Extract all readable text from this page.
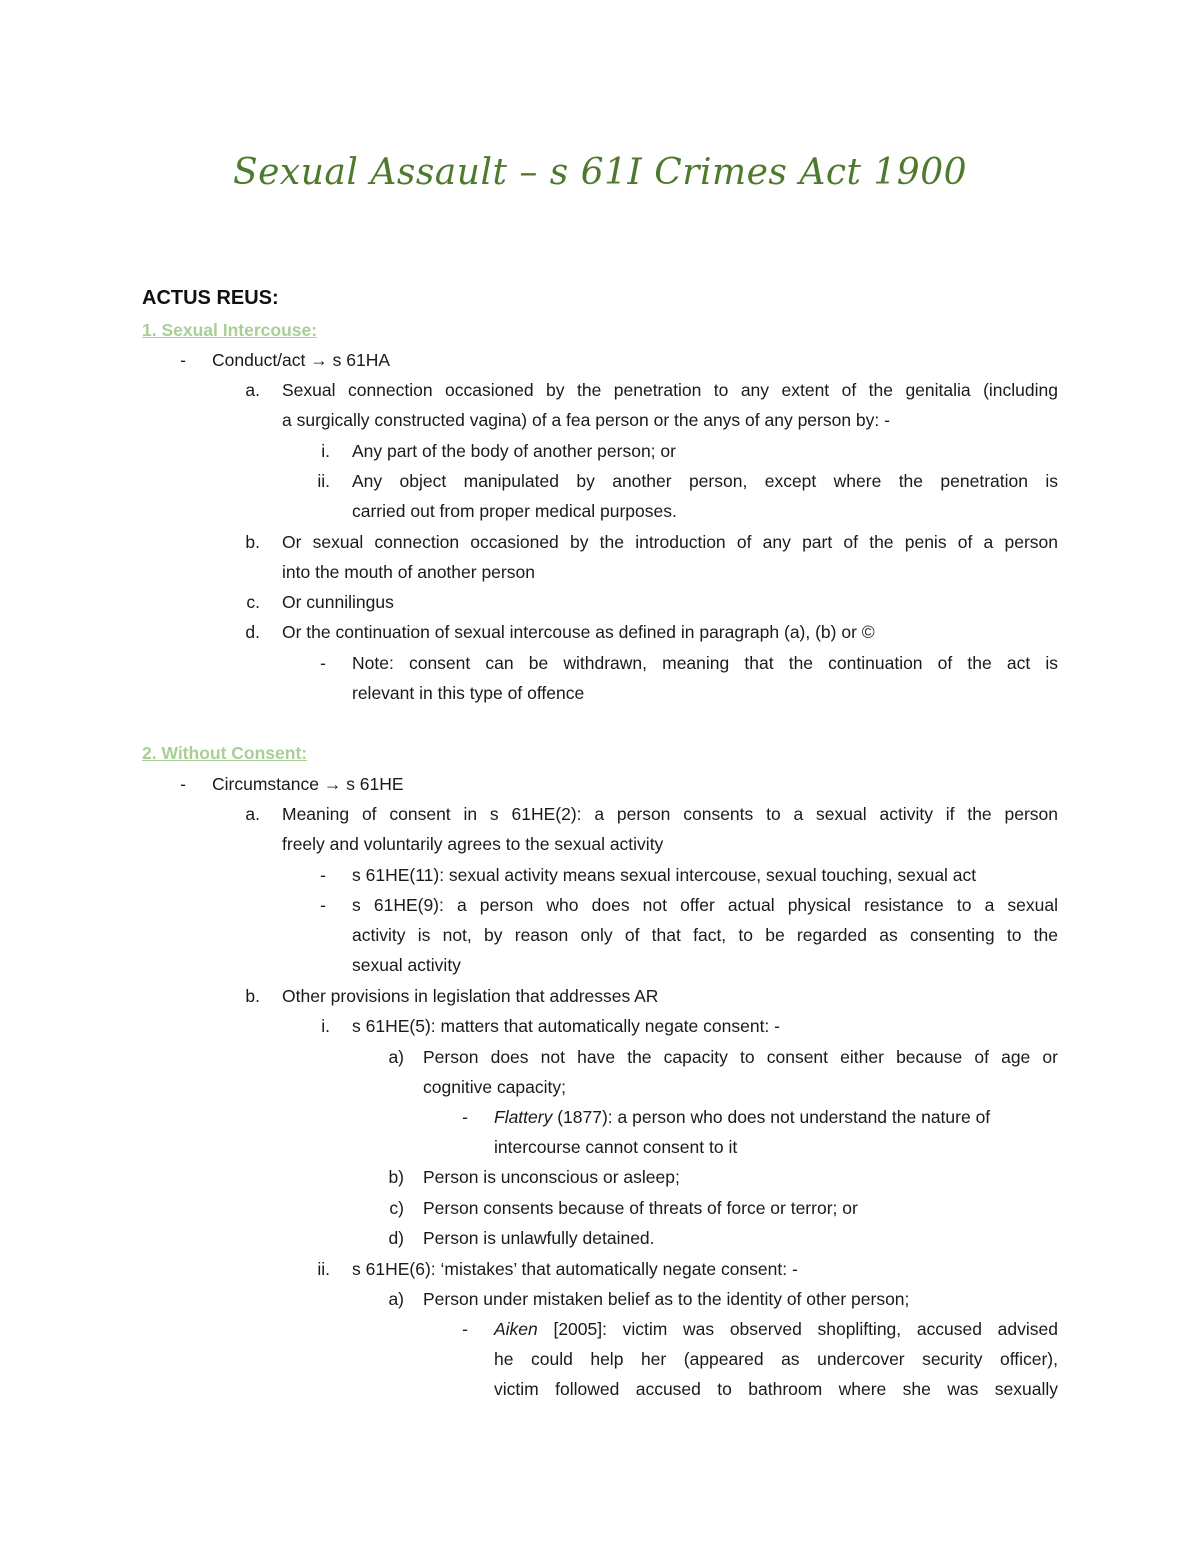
Sexual Assault – s 61I Crimes Act 1900
ACTUS REUS:
1. Sexual Intercouse:
- Conduct/act → s 61HA
a. Sexual connection occasioned by the penetration to any extent of the genitalia (including
a surgically constructed vagina) of a fea person or the anys of any person by: -
i. Any part of the body of another person; or
ii. Any object manipulated by another person, except where the penetration is
carried out from proper medical purposes.
b. Or sexual connection occasioned by the introduction of any part of the penis of a person
into the mouth of another person
c. Or cunnilingus
d. Or the continuation of sexual intercouse as defined in paragraph (a), (b) or ©
- Note: consent can be withdrawn, meaning that the continuation of the act is
relevant in this type of offence
2. Without Consent:
- Circumstance → s 61HE
a. Meaning of consent in s 61HE(2): a person consents to a sexual activity if the person
freely and voluntarily agrees to the sexual activity
- s 61HE(11): sexual activity means sexual intercouse, sexual touching, sexual act
- s 61HE(9): a person who does not offer actual physical resistance to a sexual
activity is not, by reason only of that fact, to be regarded as consenting to the
sexual activity
b. Other provisions in legislation that addresses AR
i. s 61HE(5): matters that automatically negate consent: -
a) Person does not have the capacity to consent either because of age or
cognitive capacity;
- Flattery (1877): a person who does not understand the nature of
intercourse cannot consent to it
b) Person is unconscious or asleep;
c) Person consents because of threats of force or terror; or
d) Person is unlawfully detained.
ii. s 61HE(6): ‘mistakes’ that automatically negate consent: -
a) Person under mistaken belief as to the identity of other person;
- Aiken [2005]: victim was observed shoplifting, accused advised
he could help her (appeared as undercover security officer),
victim followed accused to bathroom where she was sexually
